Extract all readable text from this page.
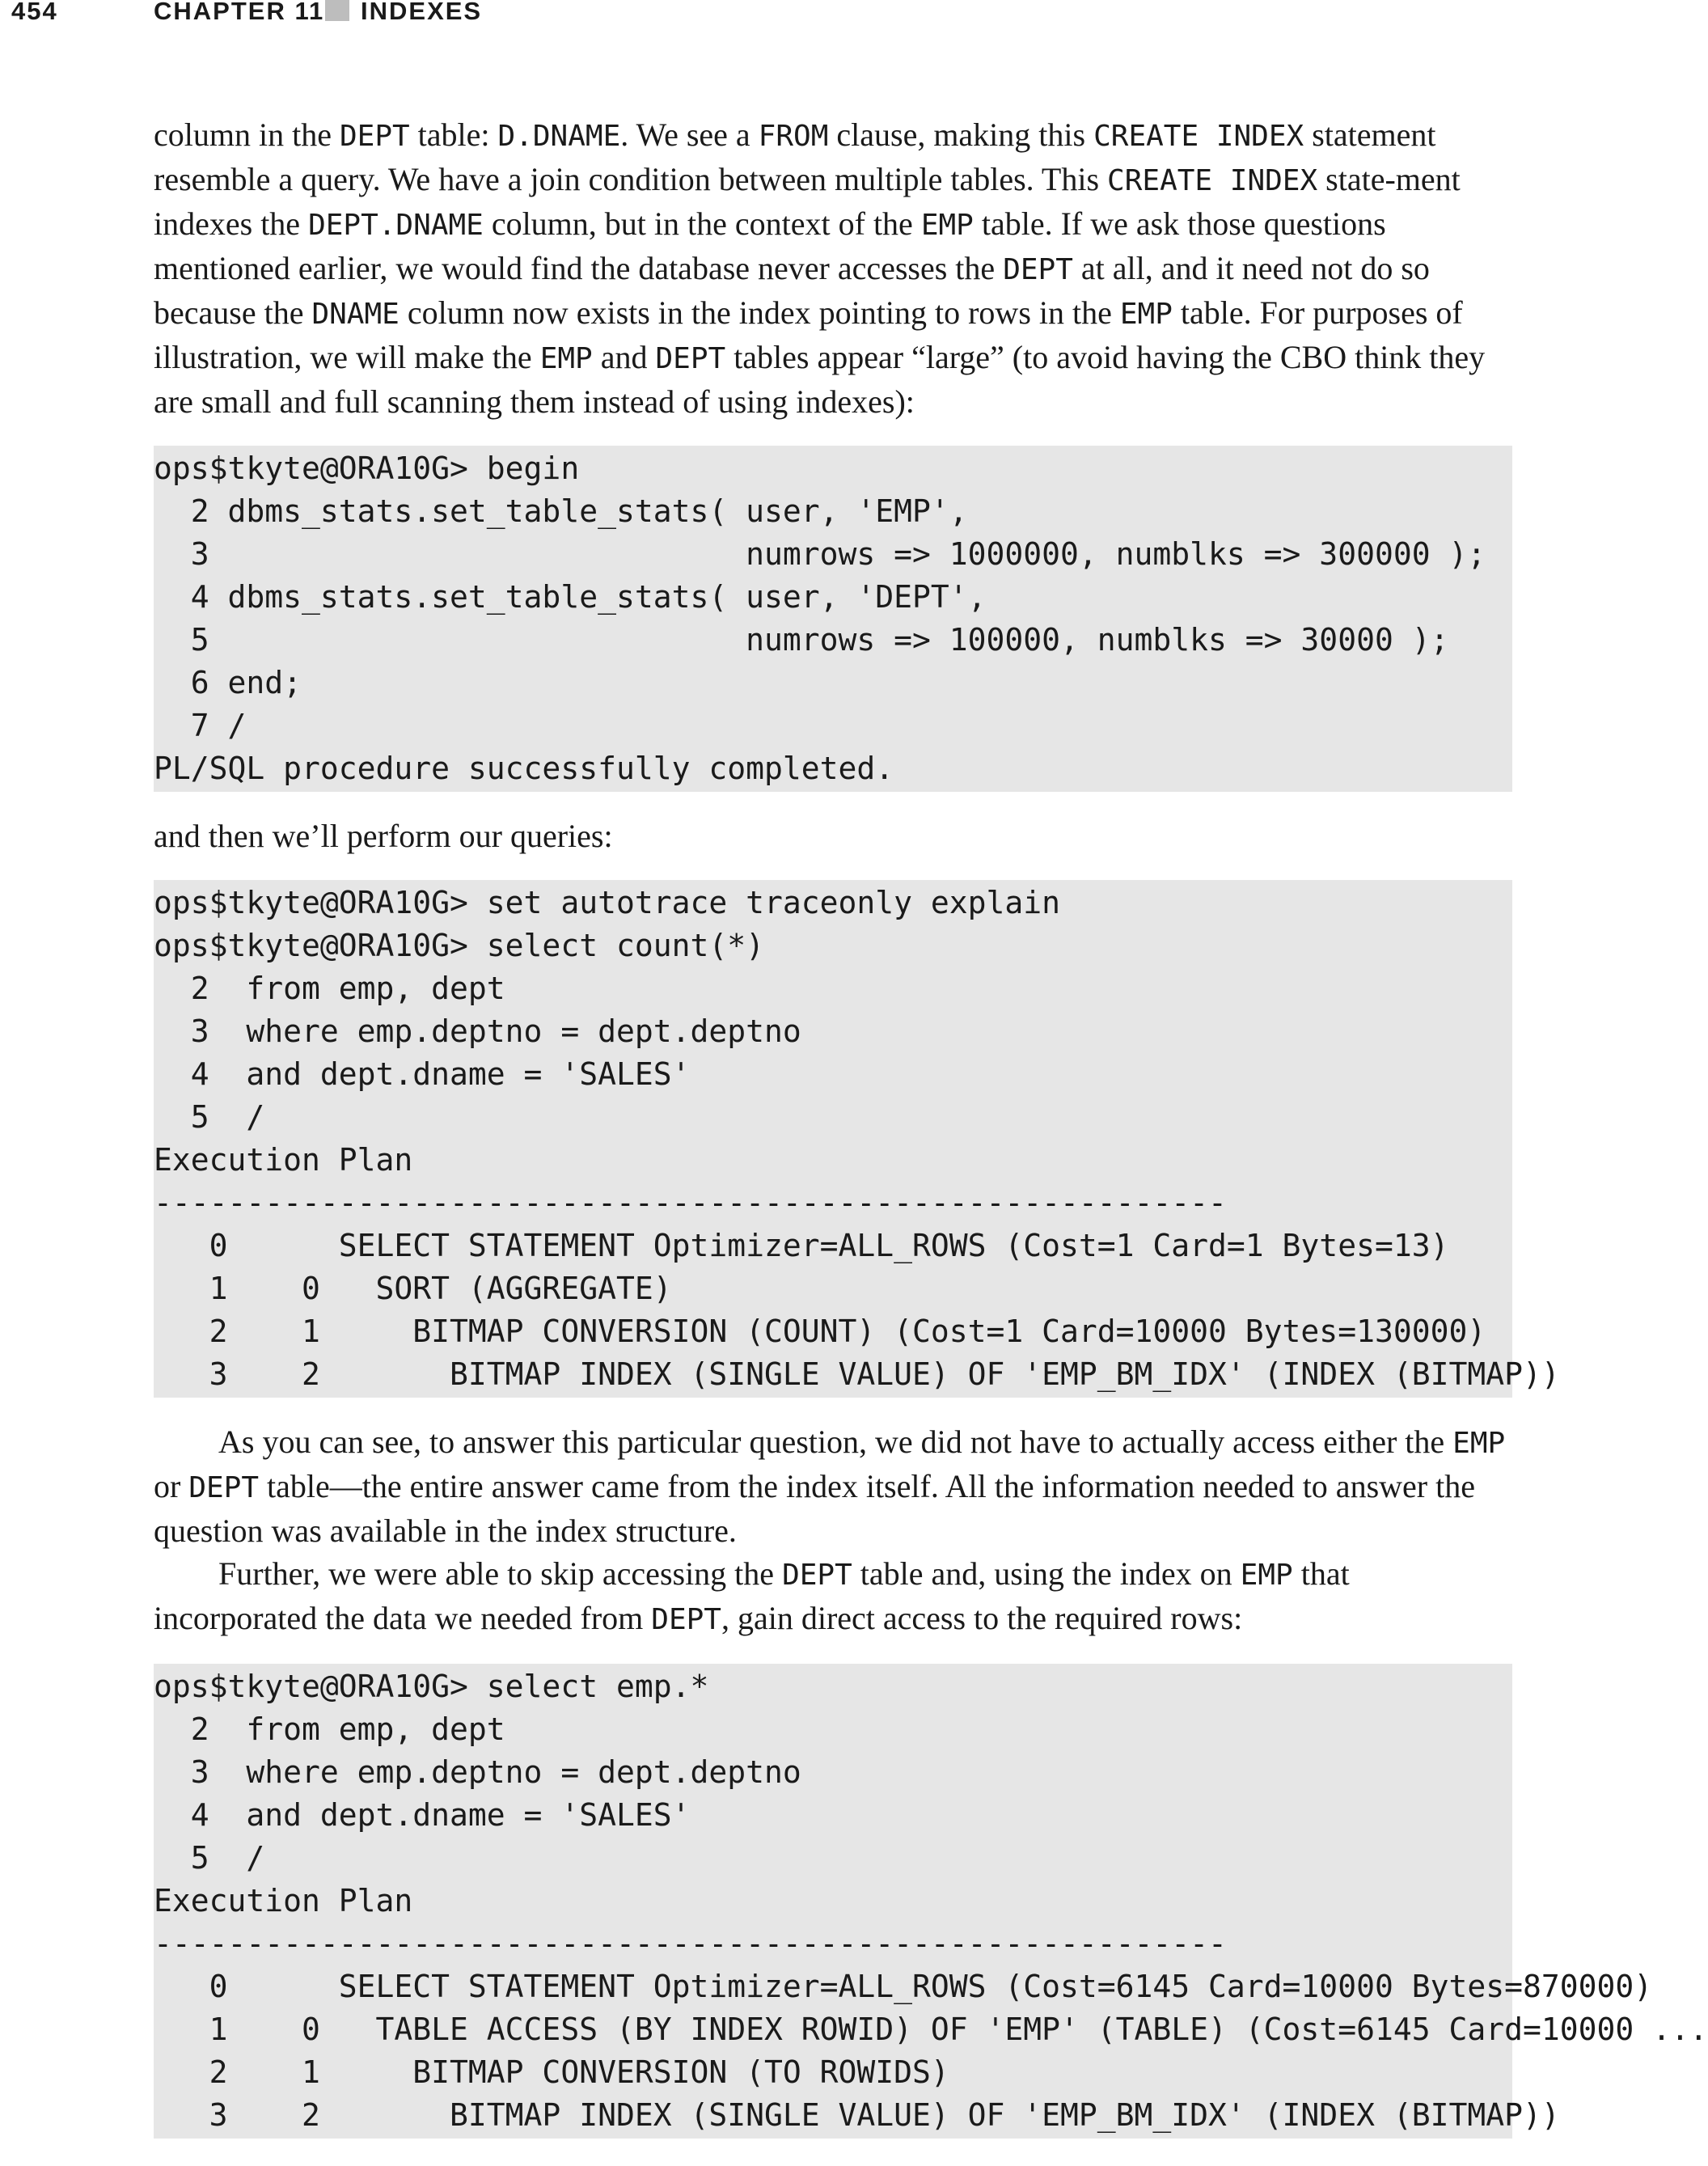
454	CHAPTER 11 INDEXES

column in the DEPT table: D.DNAME. We see a FROM clause, making this CREATE INDEX statement resemble a query. We have a join condition between multiple tables. This CREATE INDEX state-ment indexes the DEPT.DNAME column, but in the context of the EMP table. If we ask those questions mentioned earlier, we would find the database never accesses the DEPT at all, and it need not do so because the DNAME column now exists in the index pointing to rows in the EMP table. For purposes of illustration, we will make the EMP and DEPT tables appear “large” (to avoid having the CBO think they are small and full scanning them instead of using indexes):

ops$tkyte@ORA10G> begin
2 dbms_stats.set_table_stats( user, 'EMP',
3                             numrows => 1000000, numblks => 300000 );
4 dbms_stats.set_table_stats( user, 'DEPT',
5                             numrows => 100000, numblks => 30000 );
6 end;
7 /
PL/SQL procedure successfully completed.

and then we’ll perform our queries:

ops$tkyte@ORA10G> set autotrace traceonly explain
ops$tkyte@ORA10G> select count(*)
2  from emp, dept
3  where emp.deptno = dept.deptno
4  and dept.dname = 'SALES'
5  /
Execution Plan
----------------------------------------------------------
0      SELECT STATEMENT Optimizer=ALL_ROWS (Cost=1 Card=1 Bytes=13)
1    0   SORT (AGGREGATE)
2    1     BITMAP CONVERSION (COUNT) (Cost=1 Card=10000 Bytes=130000)
3    2       BITMAP INDEX (SINGLE VALUE) OF 'EMP_BM_IDX' (INDEX (BITMAP))

As you can see, to answer this particular question, we did not have to actually access either the EMP or DEPT table—the entire answer came from the index itself. All the information needed to answer the question was available in the index structure.

Further, we were able to skip accessing the DEPT table and, using the index on EMP that incorporated the data we needed from DEPT, gain direct access to the required rows:

ops$tkyte@ORA10G> select emp.*
2  from emp, dept
3  where emp.deptno = dept.deptno
4  and dept.dname = 'SALES'
5  /
Execution Plan
----------------------------------------------------------
0      SELECT STATEMENT Optimizer=ALL_ROWS (Cost=6145 Card=10000 Bytes=870000)
1    0   TABLE ACCESS (BY INDEX ROWID) OF 'EMP' (TABLE) (Cost=6145 Card=10000 ...
2    1     BITMAP CONVERSION (TO ROWIDS)
3    2       BITMAP INDEX (SINGLE VALUE) OF 'EMP_BM_IDX' (INDEX (BITMAP))
